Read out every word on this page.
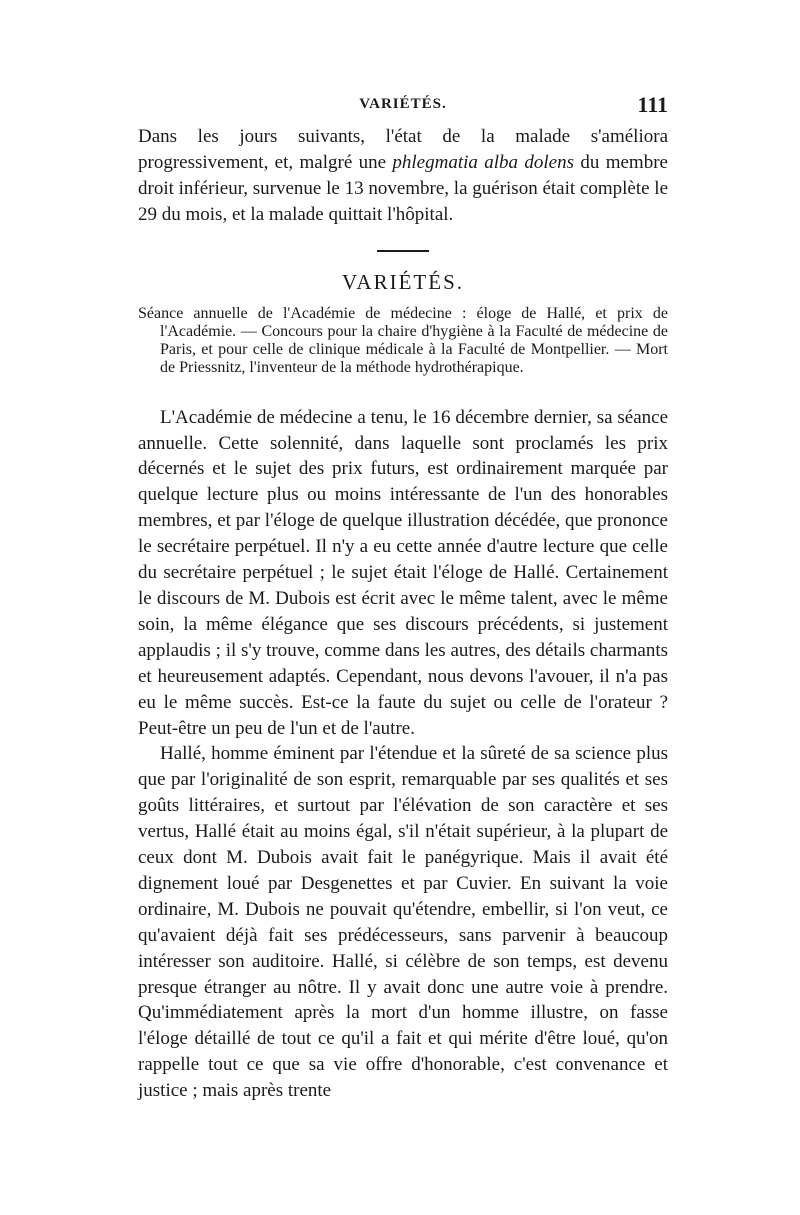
VARIÉTÉS.	111

Dans les jours suivants, l'état de la malade s'améliora progressivement, et, malgré une phlegmatia alba dolens du membre droit inférieur, survenue le 13 novembre, la guérison était complète le 29 du mois, et la malade quittait l'hôpital.

VARIÉTÉS.

Séance annuelle de l'Académie de médecine : éloge de Hallé, et prix de l'Académie. — Concours pour la chaire d'hygiène à la Faculté de médecine de Paris, et pour celle de clinique médicale à la Faculté de Montpellier. — Mort de Priessnitz, l'inventeur de la méthode hydrothérapique.

L'Académie de médecine a tenu, le 16 décembre dernier, sa séance annuelle. Cette solennité, dans laquelle sont proclamés les prix décernés et le sujet des prix futurs, est ordinairement marquée par quelque lecture plus ou moins intéressante de l'un des honorables membres, et par l'éloge de quelque illustration décédée, que prononce le secrétaire perpétuel. Il n'y a eu cette année d'autre lecture que celle du secrétaire perpétuel ; le sujet était l'éloge de Hallé. Certainement le discours de M. Dubois est écrit avec le même talent, avec le même soin, la même élégance que ses discours précédents, si justement applaudis ; il s'y trouve, comme dans les autres, des détails charmants et heureusement adaptés. Cependant, nous devons l'avouer, il n'a pas eu le même succès. Est-ce la faute du sujet ou celle de l'orateur ? Peut-être un peu de l'un et de l'autre.

Hallé, homme éminent par l'étendue et la sûreté de sa science plus que par l'originalité de son esprit, remarquable par ses qualités et ses goûts littéraires, et surtout par l'élévation de son caractère et ses vertus, Hallé était au moins égal, s'il n'était supérieur, à la plupart de ceux dont M. Dubois avait fait le panégyrique. Mais il avait été dignement loué par Desgenettes et par Cuvier. En suivant la voie ordinaire, M. Dubois ne pouvait qu'étendre, embellir, si l'on veut, ce qu'avaient déjà fait ses prédécesseurs, sans parvenir à beaucoup intéresser son auditoire. Hallé, si célèbre de son temps, est devenu presque étranger au nôtre. Il y avait donc une autre voie à prendre. Qu'immédiatement après la mort d'un homme illustre, on fasse l'éloge détaillé de tout ce qu'il a fait et qui mérite d'être loué, qu'on rappelle tout ce que sa vie offre d'honorable, c'est convenance et justice ; mais après trente
